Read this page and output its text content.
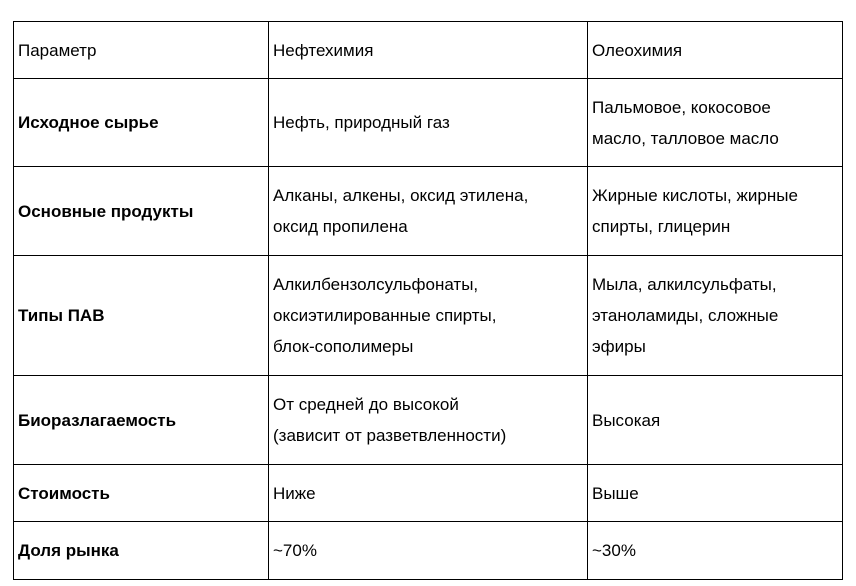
Параметр	Нефтехимия	Олеохимия

Исходное сырье	Нефть, природный газ	Пальмовое, кокосовое
масло, талловое масло

Основные продукты	Алканы, алкены, оксид этилена,
оксид пропилена	Жирные кислоты, жирные
спирты, глицерин

Типы ПАВ	Алкилбензолсульфонаты,
оксиэтилированные спирты,
блок-сополимеры	Мыла, алкилсульфаты,
этаноламиды, сложные
эфиры

Биоразлагаемость	От средней до высокой
(зависит от разветвленности)	Высокая

Стоимость	Ниже	Выше

Доля рынка	~70%	~30%
